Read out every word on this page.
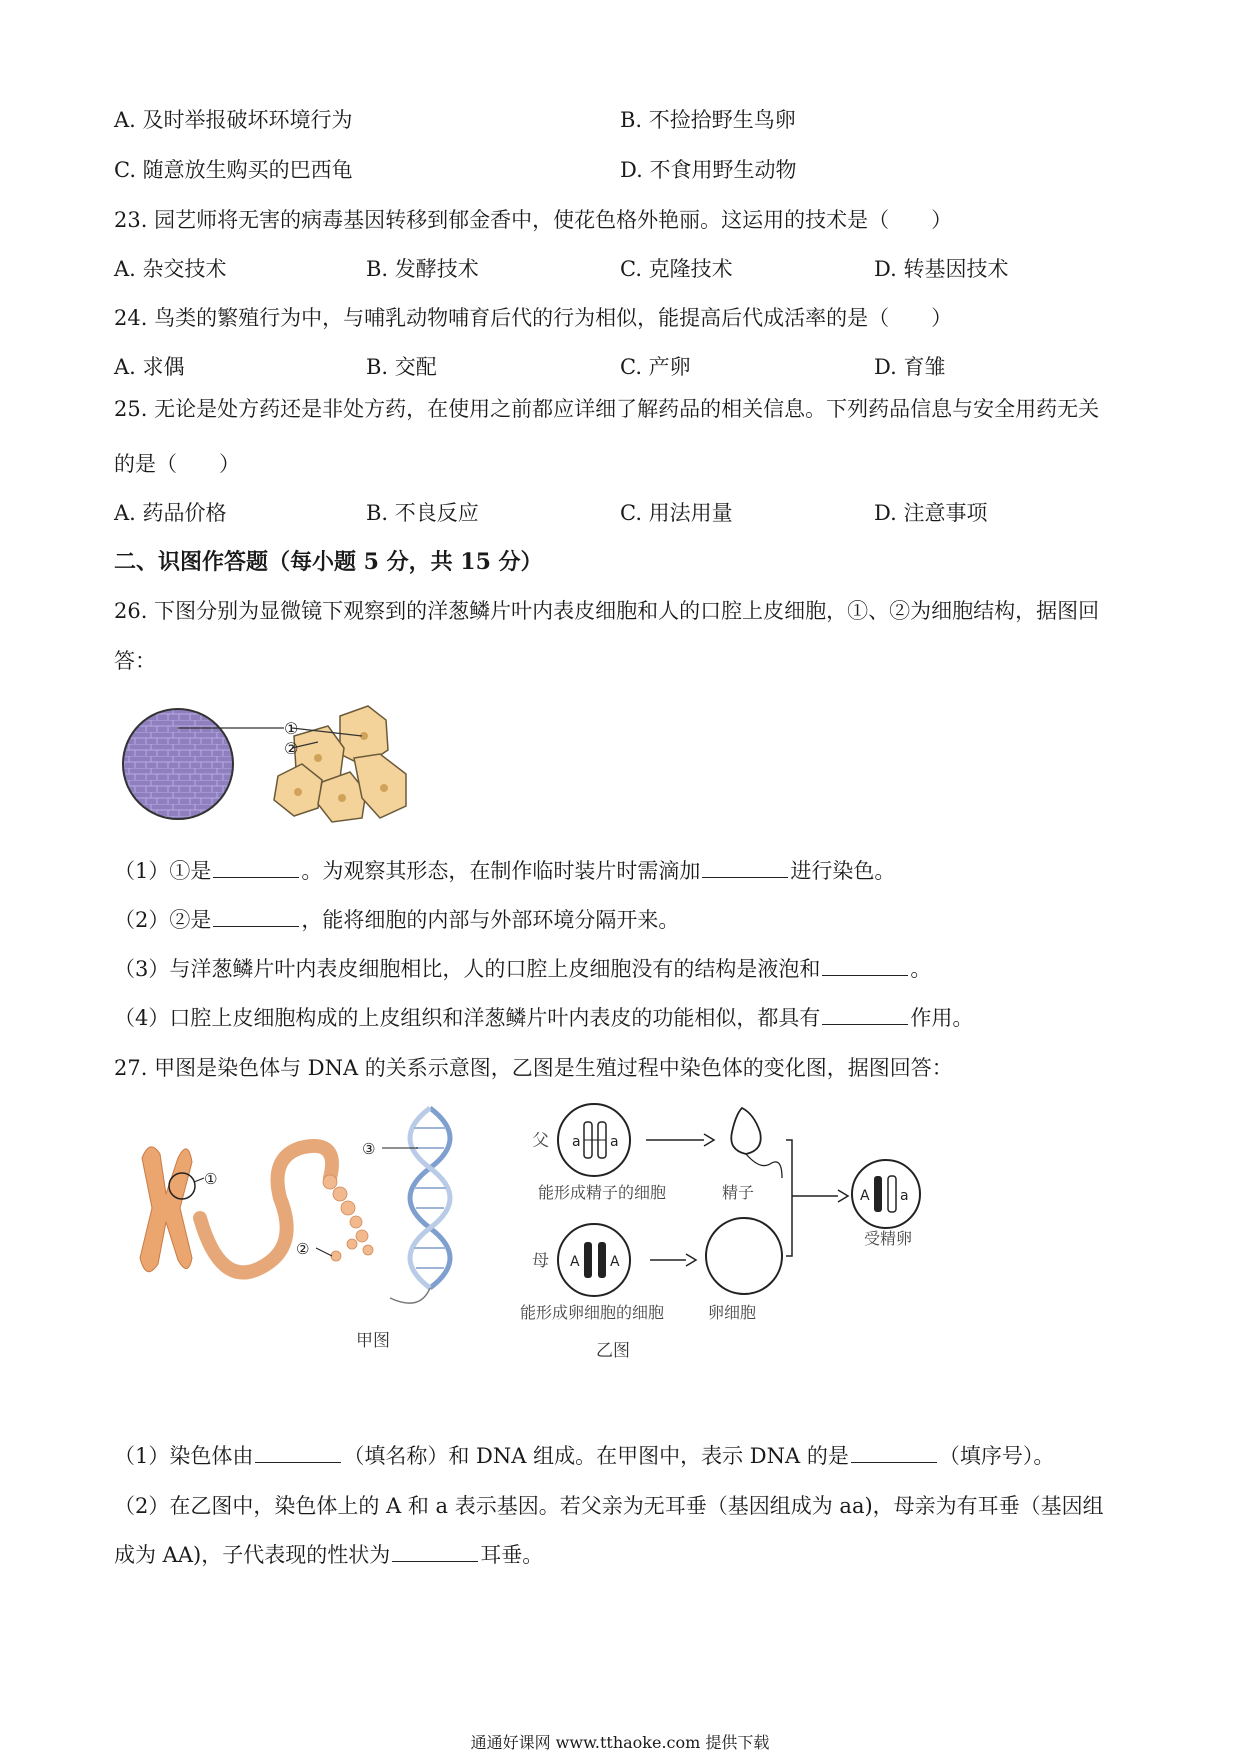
A. 及时举报破坏环境行为	B. 不捡拾野生鸟卵
C. 随意放生购买的巴西龟	D. 不食用野生动物
23. 园艺师将无害的病毒基因转移到郁金香中，使花色格外艳丽。这运用的技术是（　　）
A. 杂交技术	B. 发酵技术	C. 克隆技术	D. 转基因技术
24. 鸟类的繁殖行为中，与哺乳动物哺育后代的行为相似，能提高后代成活率的是（　　）
A. 求偶	B. 交配	C. 产卵	D. 育雏
25. 无论是处方药还是非处方药，在使用之前都应详细了解药品的相关信息。下列药品信息与安全用药无关
的是（　　）
A. 药品价格	B. 不良反应	C. 用法用量	D. 注意事项
二、识图作答题（每小题 5 分，共 15 分）
26. 下图分别为显微镜下观察到的洋葱鳞片叶内表皮细胞和人的口腔上皮细胞，①、②为细胞结构，据图回
答：
①
②
（1）①是	。为观察其形态，在制作临时装片时需滴加	进行染色。
（2）②是	，能将细胞的内部与外部环境分隔开来。
（3）与洋葱鳞片叶内表皮细胞相比，人的口腔上皮细胞没有的结构是液泡和	。
（4）口腔上皮细胞构成的上皮组织和洋葱鳞片叶内表皮的功能相似，都具有	作用。
27. 甲图是染色体与 DNA 的关系示意图，乙图是生殖过程中染色体的变化图，据图回答：
①
②
③
甲图
父 a a
能形成精子的细胞	精子
母 A A
能形成卵细胞的细胞	卵细胞
A a
受精卵
乙图
（1）染色体由	（填名称）和 DNA 组成。在甲图中，表示 DNA 的是	（填序号）。
（2）在乙图中，染色体上的 A 和 a 表示基因。若父亲为无耳垂（基因组成为 aa)，母亲为有耳垂（基因组
成为 AA)，子代表现的性状为	耳垂。
通通好课网 www.tthaoke.com 提供下载
